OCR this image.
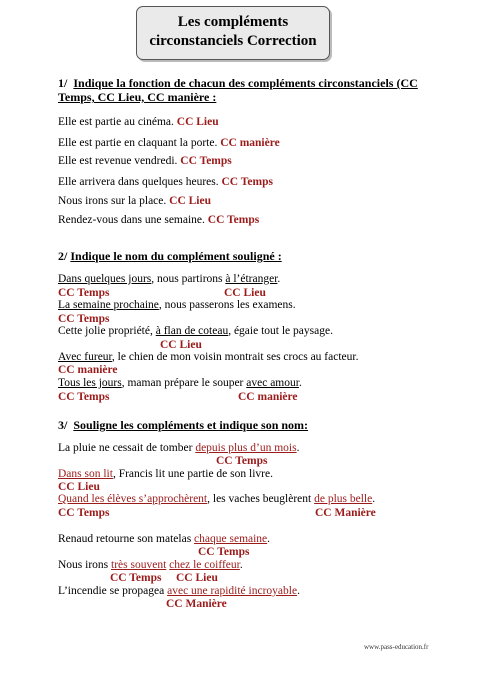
Les compléments
circonstanciels Correction
1/ Indique la fonction de chacun des compléments circonstanciels (CC
Temps, CC Lieu, CC manière :
Elle est partie au cinéma. CC Lieu
Elle est partie en claquant la porte. CC manière
Elle est revenue vendredi. CC Temps
Elle arrivera dans quelques heures. CC Temps
Nous irons sur la place. CC Lieu
Rendez-vous dans une semaine. CC Temps
2/ Indique le nom du complément souligné :
Dans quelques jours, nous partirons à l’étranger.
CC Temps	CC Lieu
La semaine prochaine, nous passerons les examens.
CC Temps
Cette jolie propriété, à flan de coteau, égaie tout le paysage.
CC Lieu
Avec fureur, le chien de mon voisin montrait ses crocs au facteur.
CC manière
Tous les jours, maman prépare le souper avec amour.
CC Temps	CC manière
3/ Souligne les compléments et indique son nom:
La pluie ne cessait de tomber depuis plus d’un mois.
CC Temps
Dans son lit, Francis lit une partie de son livre.
CC Lieu
Quand les élèves s’approchèrent, les vaches beuglèrent de plus belle.
CC Temps	CC Manière
Renaud retourne son matelas chaque semaine.
CC Temps
Nous irons très souvent chez le coiffeur.
CC Temps CC Lieu
L’incendie se propagea avec une rapidité incroyable.
CC Manière
www.pass-education.fr
